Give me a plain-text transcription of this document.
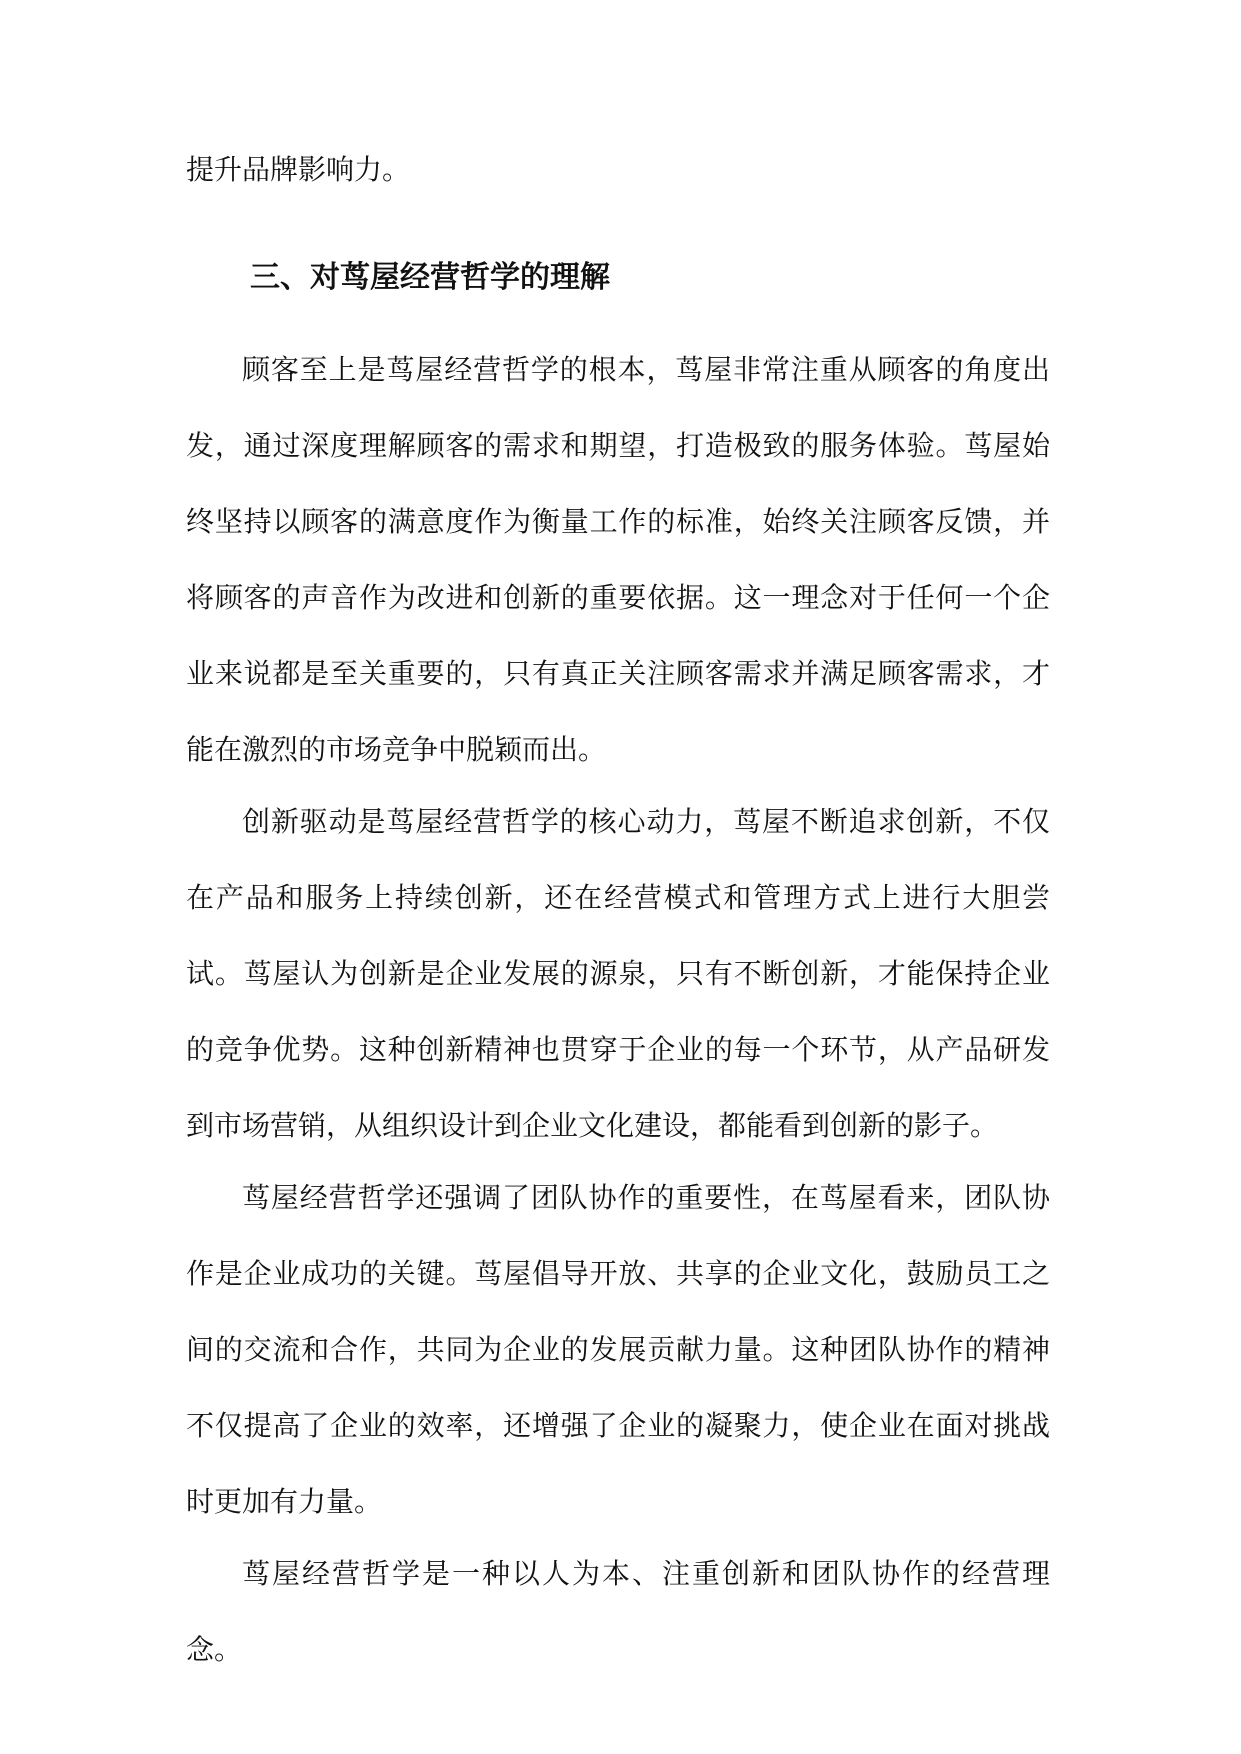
提升品牌影响力。

三、对茑屋经营哲学的理解

顾客至上是茑屋经营哲学的根本，茑屋非常注重从顾客的角度出发，通过深度理解顾客的需求和期望，打造极致的服务体验。茑屋始终坚持以顾客的满意度作为衡量工作的标准，始终关注顾客反馈，并将顾客的声音作为改进和创新的重要依据。这一理念对于任何一个企业来说都是至关重要的，只有真正关注顾客需求并满足顾客需求，才能在激烈的市场竞争中脱颖而出。

创新驱动是茑屋经营哲学的核心动力，茑屋不断追求创新，不仅在产品和服务上持续创新，还在经营模式和管理方式上进行大胆尝试。茑屋认为创新是企业发展的源泉，只有不断创新，才能保持企业的竞争优势。这种创新精神也贯穿于企业的每一个环节，从产品研发到市场营销，从组织设计到企业文化建设，都能看到创新的影子。

茑屋经营哲学还强调了团队协作的重要性，在茑屋看来，团队协作是企业成功的关键。茑屋倡导开放、共享的企业文化，鼓励员工之间的交流和合作，共同为企业的发展贡献力量。这种团队协作的精神不仅提高了企业的效率，还增强了企业的凝聚力，使企业在面对挑战时更加有力量。

茑屋经营哲学是一种以人为本、注重创新和团队协作的经营理念。
